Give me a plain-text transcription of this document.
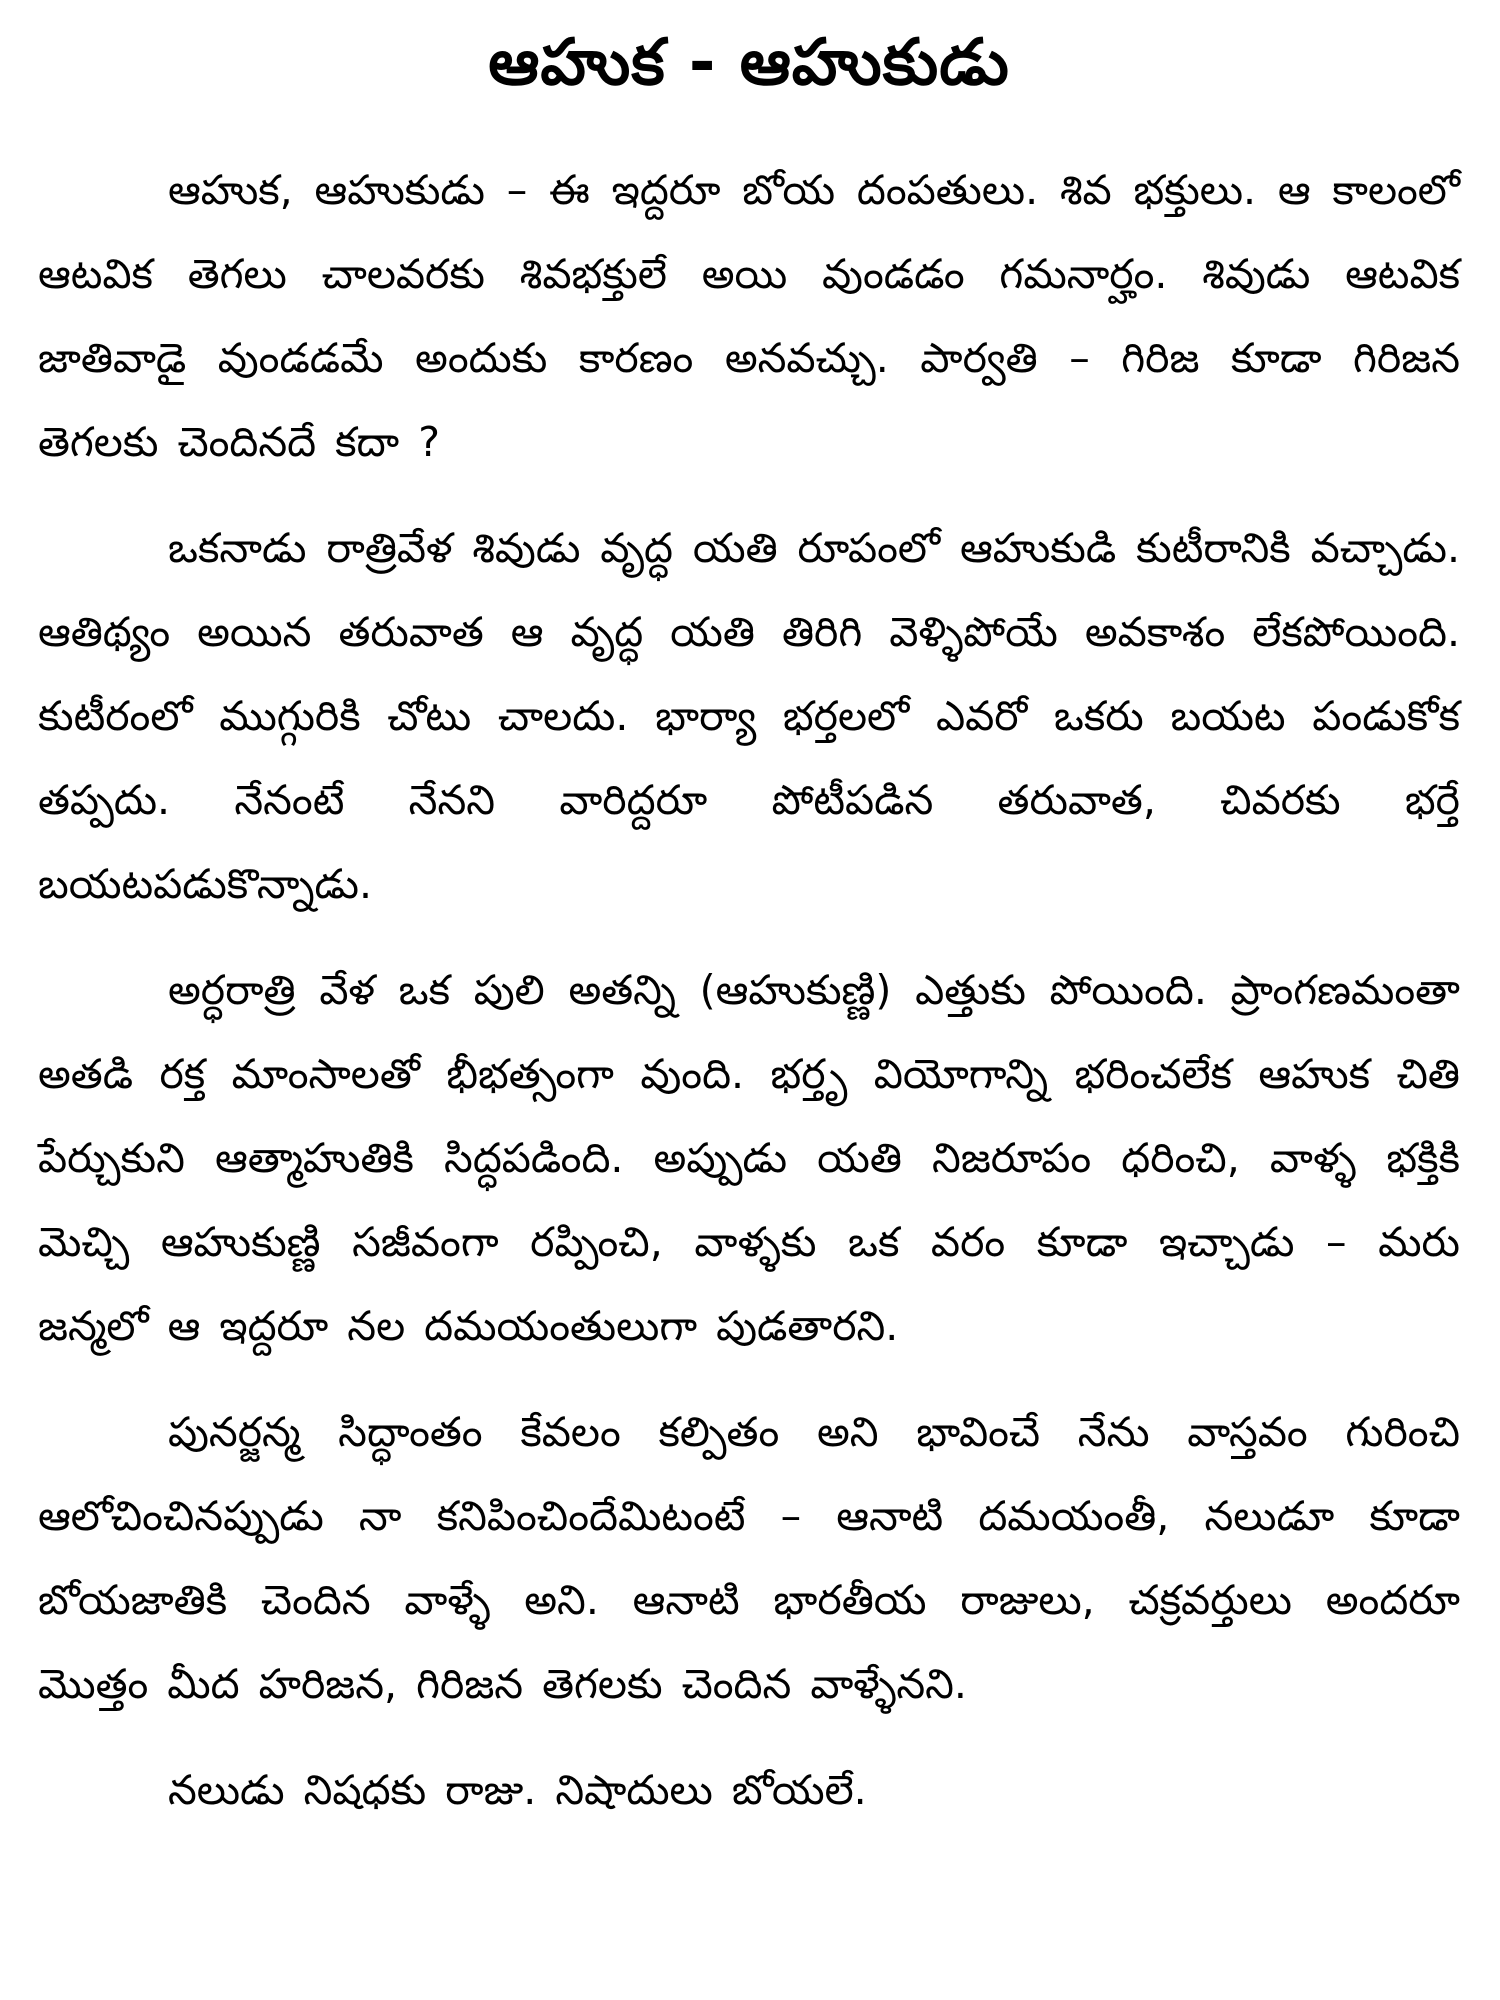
ఆహుక - ఆహుకుడు

ఆహుక, ఆహుకుడు – ఈ ఇద్దరూ బోయ దంపతులు. శివ భక్తులు. ఆ కాలంలో ఆటవిక తెగలు చాలవరకు శివభక్తులే అయి వుండడం గమనార్హం. శివుడు ఆటవిక జాతివాడై వుండడమే అందుకు కారణం అనవచ్చు. పార్వతి – గిరిజ కూడా గిరిజన తెగలకు చెందినదే కదా ?

ఒకనాడు రాత్రివేళ శివుడు వృద్ధ యతి రూపంలో ఆహుకుడి కుటీరానికి వచ్చాడు. ఆతిథ్యం అయిన తరువాత ఆ వృద్ధ యతి తిరిగి వెళ్ళిపోయే అవకాశం లేకపోయింది. కుటీరంలో ముగ్గురికి చోటు చాలదు. భార్యా భర్తలలో ఎవరో ఒకరు బయట పండుకోక తప్పదు. నేనంటే నేనని వారిద్దరూ పోటీపడిన తరువాత, చివరకు భర్తే బయటపడుకొన్నాడు.

అర్ధరాత్రి వేళ ఒక పులి అతన్ని (ఆహుకుణ్ణి) ఎత్తుకు పోయింది. ప్రాంగణమంతా అతడి రక్త మాంసాలతో భీభత్సంగా వుంది. భర్తృ వియోగాన్ని భరించలేక ఆహుక చితి పేర్చుకుని ఆత్మాహుతికి సిద్ధపడింది. అప్పుడు యతి నిజరూపం ధరించి, వాళ్ళ భక్తికి మెచ్చి ఆహుకుణ్ణి సజీవంగా రప్పించి, వాళ్ళకు ఒక వరం కూడా ఇచ్చాడు – మరు జన్మలో ఆ ఇద్దరూ నల దమయంతులుగా పుడతారని.

పునర్జన్మ సిద్ధాంతం కేవలం కల్పితం అని భావించే నేను వాస్తవం గురించి ఆలోచించినప్పుడు నా కనిపించిందేమిటంటే – ఆనాటి దమయంతీ, నలుడూ కూడా బోయజాతికి చెందిన వాళ్ళే అని. ఆనాటి భారతీయ రాజులు, చక్రవర్తులు అందరూ మొత్తం మీద హరిజన, గిరిజన తెగలకు చెందిన వాళ్ళేనని.

నలుడు నిషధకు రాజు. నిషాదులు బోయలే.
